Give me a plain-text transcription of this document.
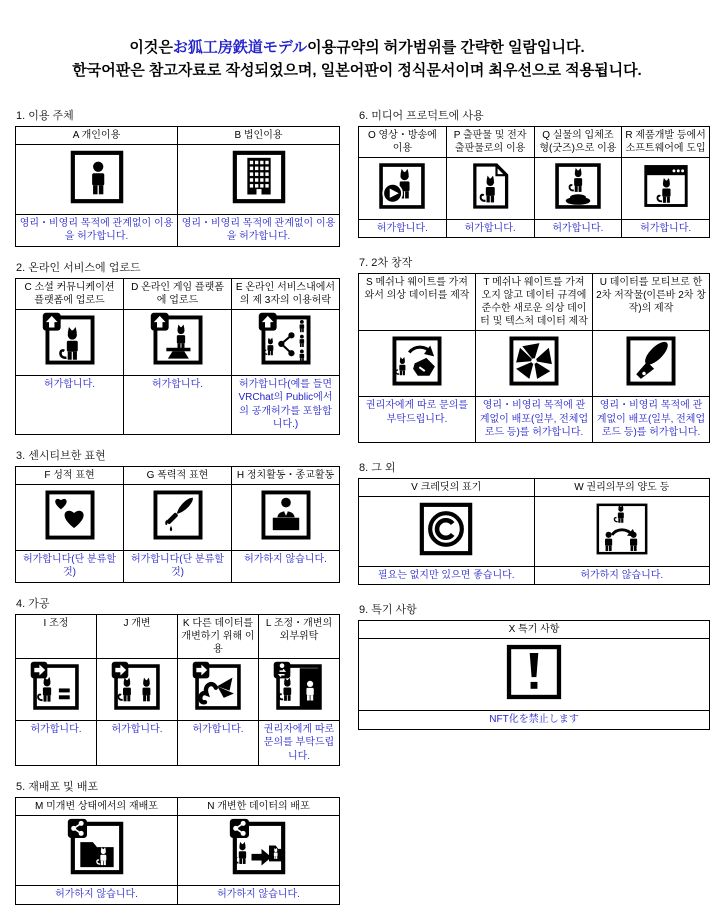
이것은お狐工房鉄道モデル이용규약의 허가범위를 간략한 일람입니다.
한국어판은 참고자료로 작성되었으며, 일본어판이 정식문서이며 최우선으로 적용됩니다.
1. 이용 주체
A 개인이용	B 법인이용

영리・비영리 목적에 관계없이 이용을 허가합니다.	영리・비영리 목적에 관계없이 이용을 허가합니다.
2. 온라인 서비스에 업로드
C 소셜 커뮤니케이션 플랫폼에 업로드	D 온라인 게임 플랫폼에 업로드	E 온라인 서비스내에서의 제 3자의 이용허락

허가합니다.	허가합니다.	허가합니다(예를 들면 VRChat의 Public에서의 공개허가를 포함합니다.)
3. 센시티브한 표현
F 성적 표현	G 폭력적 표현	H 정치활동・종교활동

허가합니다(단 분류할 것)	허가합니다(단 분류할 것)	허가하지 않습니다.
4. 가공
I 조정	J 개변	K 다른 데이터를 개변하기 위해 이용	L 조정・개변의 외부위탁

허가합니다.	허가합니다.	허가합니다.	권리자에게 따로 문의를 부탁드립니다.
5. 재배포 및 배포
M 미개변 상태에서의 재배포	N 개변한 데이터의 배포

허가하지 않습니다.	허가하지 않습니다.
6. 미디어 프로덕트에 사용
O 영상・방송에 이용	P 출판물 및 전자출판물로의 이용	Q 실물의 입체조형(굿즈)으로 이용	R 제품개발 등에서 소프트웨어에 도입

허가합니다.	허가합니다.	허가합니다.	허가합니다.
7. 2차 창작
S 메쉬나 웨이트를 가져와서 의상 데이터를 제작	T 메쉬나 웨이트를 가져오지 않고 데이터 규격에 준수한 새로운 의상 데이터 및 텍스처 데이터 제작	U 데이터를 모티브로 한 2차 저작물(이른바 2차 창작)의 제작

권리자에게 따로 문의를 부탁드립니다.	영리・비영리 목적에 관계없이 배포(일부, 전체업로드 등)를 허가합니다.	영리・비영리 목적에 관계없이 배포(일부, 전체업로드 등)를 허가합니다.
8. 그 외
V 크레딧의 표기	W 권리의무의 양도 등

필요는 없지만 있으면 좋습니다.	허가하지 않습니다.
9. 특기 사항
X 특기 사항

NFT化を禁止します
